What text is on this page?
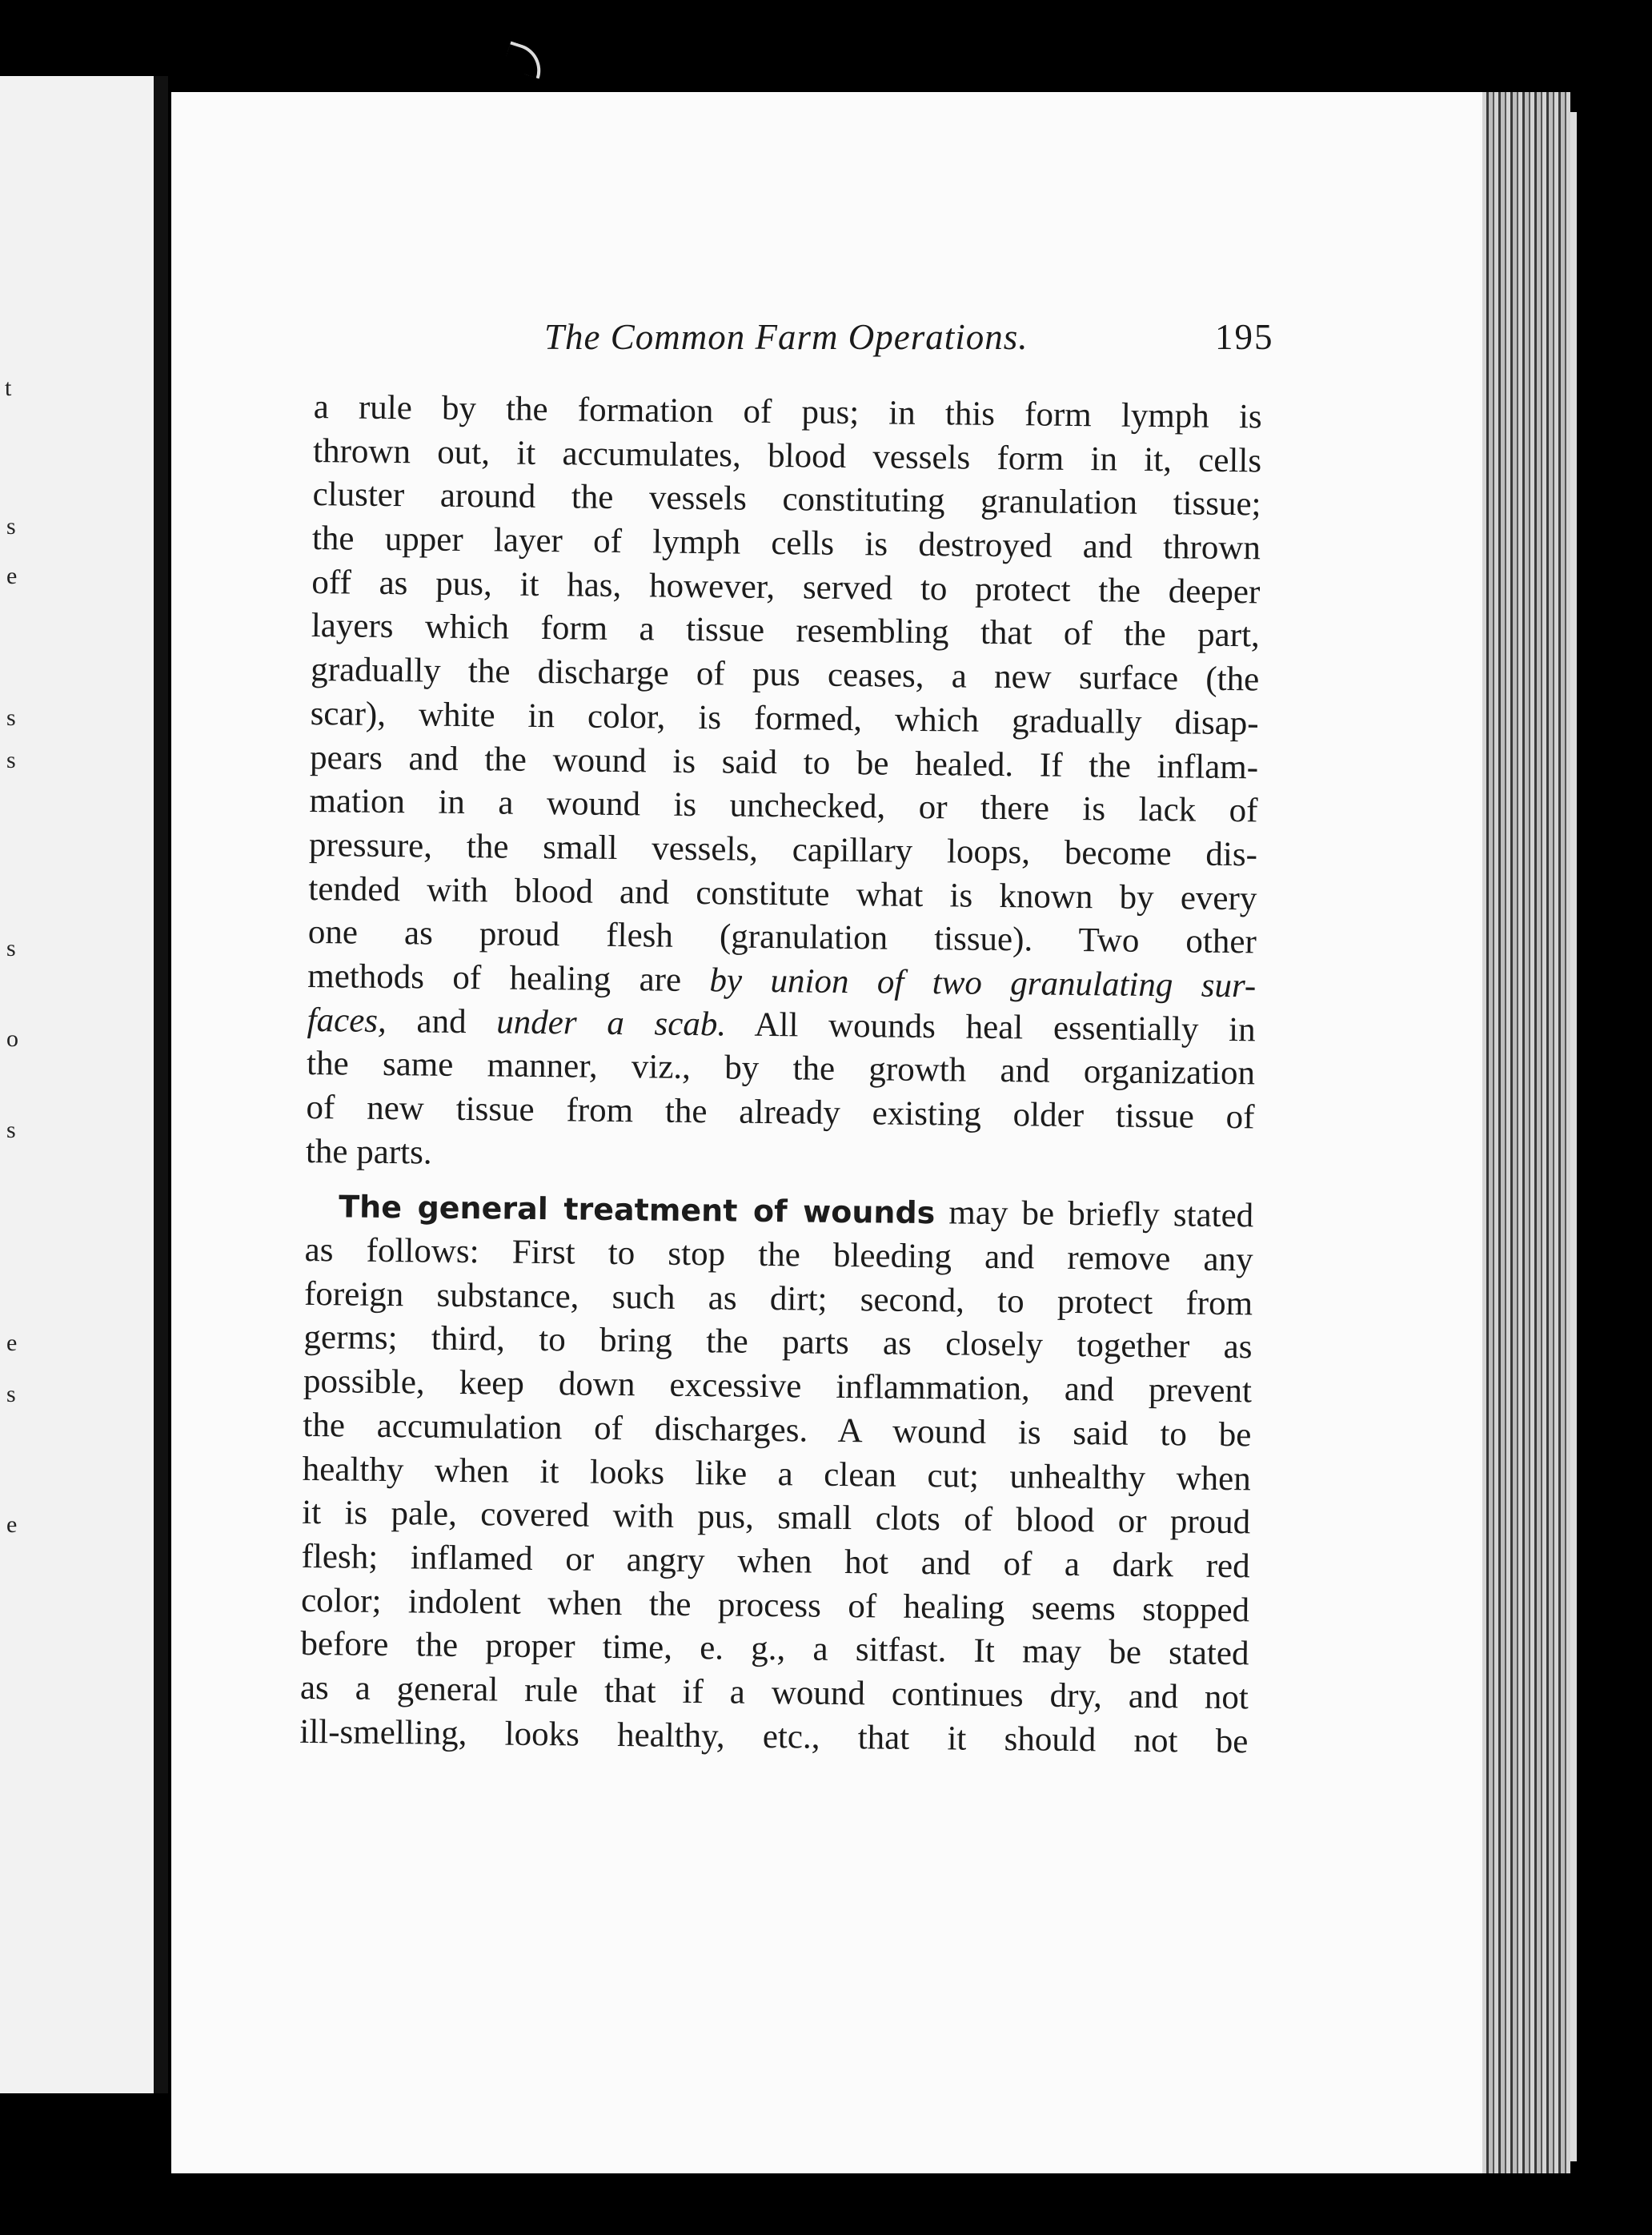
t
s
e
s
s
s
o
s
e
s
e
The Common Farm Operations.	195
a rule by the formation of pus; in this form lymph is
thrown out, it accumulates, blood vessels form in it, cells
cluster around the vessels constituting granulation tissue;
the upper layer of lymph cells is destroyed and thrown
off as pus, it has, however, served to protect the deeper
layers which form a tissue resembling that of the part,
gradually the discharge of pus ceases, a new surface (the
scar), white in color, is formed, which gradually disap-
pears and the wound is said to be healed. If the inflam-
mation in a wound is unchecked, or there is lack of
pressure, the small vessels, capillary loops, become dis-
tended with blood and constitute what is known by every
one as proud flesh (granulation tissue). Two other
methods of healing are by union of two granulating sur-
faces, and under a scab. All wounds heal essentially in
the same manner, viz., by the growth and organization
of new tissue from the already existing older tissue of
the parts.
The general treatment of wounds may be briefly stated
as follows: First to stop the bleeding and remove any
foreign substance, such as dirt; second, to protect from
germs; third, to bring the parts as closely together as
possible, keep down excessive inflammation, and prevent
the accumulation of discharges. A wound is said to be
healthy when it looks like a clean cut; unhealthy when
it is pale, covered with pus, small clots of blood or proud
flesh; inflamed or angry when hot and of a dark red
color; indolent when the process of healing seems stopped
before the proper time, e. g., a sitfast. It may be stated
as a general rule that if a wound continues dry, and not
ill-smelling, looks healthy, etc., that it should not be
